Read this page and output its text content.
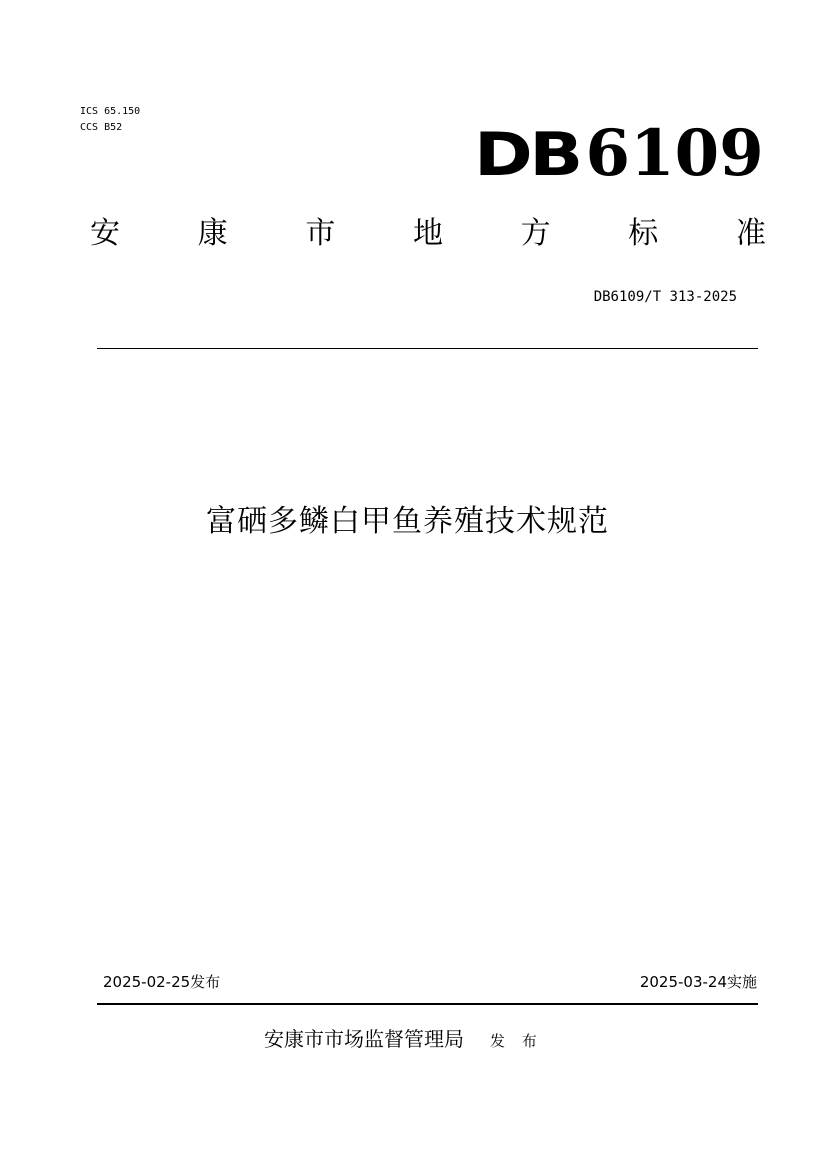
ICS 65.150
CCS B52	DB 6109
安	康	市	地	方	标	准
DB6109/T 313-2025
富硒多鳞白甲鱼养殖技术规范
2025-02-25发布	2025-03-24实施
安康市市场监督管理局 发 布
